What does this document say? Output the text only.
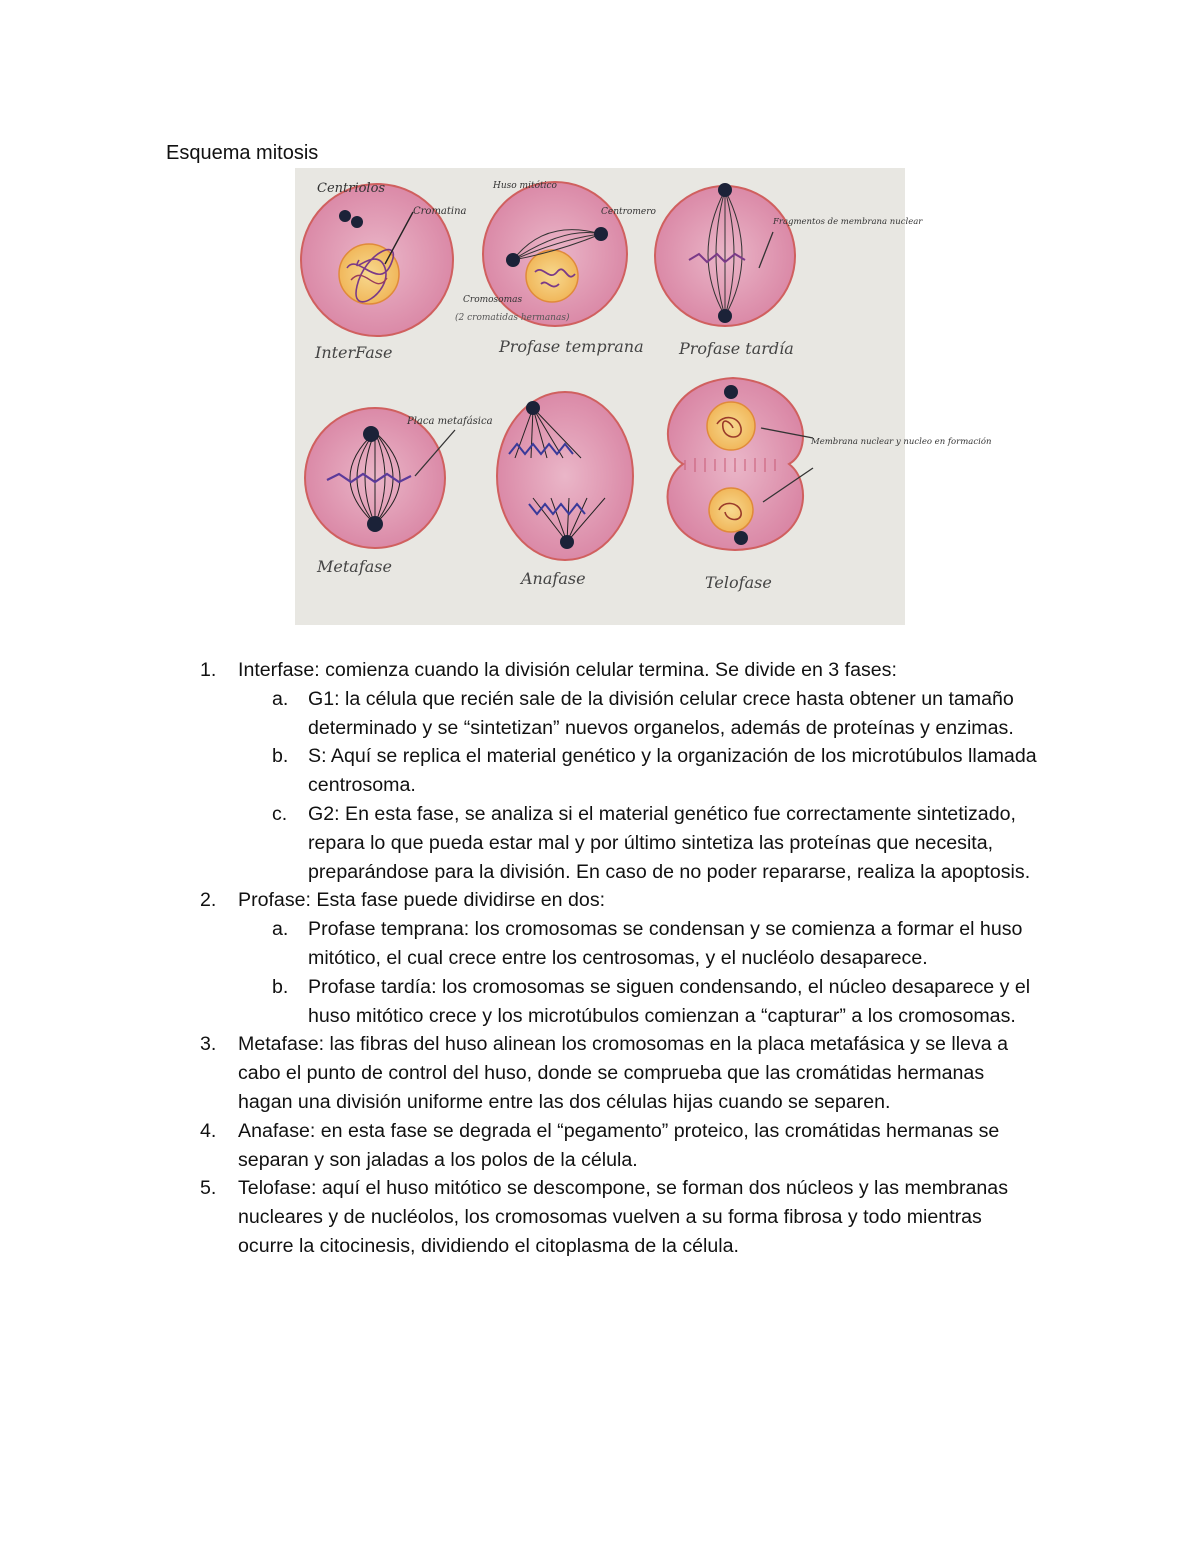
Esquema mitosis
Centriolos
Cromatina
Huso mitótico
Centromero
Cromosomas
(2 cromatidas hermanas)
Fragmentos de membrana nuclear
Placa metafásica
Membrana nuclear y nucleo en formación
InterFase	Profase temprana Profase tardía
Metafase
Anafase	Telofase
1.	Interfase: comienza cuando la división celular termina. Se divide en 3 fases:
a. G1: la célula que recién sale de la división celular crece hasta obtener un tamaño determinado y se “sintetizan” nuevos organelos, además de proteínas y enzimas.
b. S: Aquí se replica el material genético y la organización de los microtúbulos llamada centrosoma.
c. G2: En esta fase, se analiza si el material genético fue correctamente sintetizado, repara lo que pueda estar mal y por último sintetiza las proteínas que necesita, preparándose para la división. En caso de no poder repararse, realiza la apoptosis.
2.	Profase: Esta fase puede dividirse en dos:
a. Profase temprana: los cromosomas se condensan y se comienza a formar el huso mitótico, el cual crece entre los centrosomas, y el nucléolo desaparece.
b. Profase tardía: los cromosomas se siguen condensando, el núcleo desaparece y el huso mitótico crece y los microtúbulos comienzan a “capturar” a los cromosomas.
3.	Metafase: las fibras del huso alinean los cromosomas en la placa metafásica y se lleva a cabo el punto de control del huso, donde se comprueba que las cromátidas hermanas hagan una división uniforme entre las dos células hijas cuando se separen.
4.	Anafase: en esta fase se degrada el “pegamento” proteico, las cromátidas hermanas se separan y son jaladas a los polos de la célula.
5.	Telofase: aquí el huso mitótico se descompone, se forman dos núcleos y las membranas nucleares y de nucléolos, los cromosomas vuelven a su forma fibrosa y todo mientras ocurre la citocinesis, dividiendo el citoplasma de la célula.
